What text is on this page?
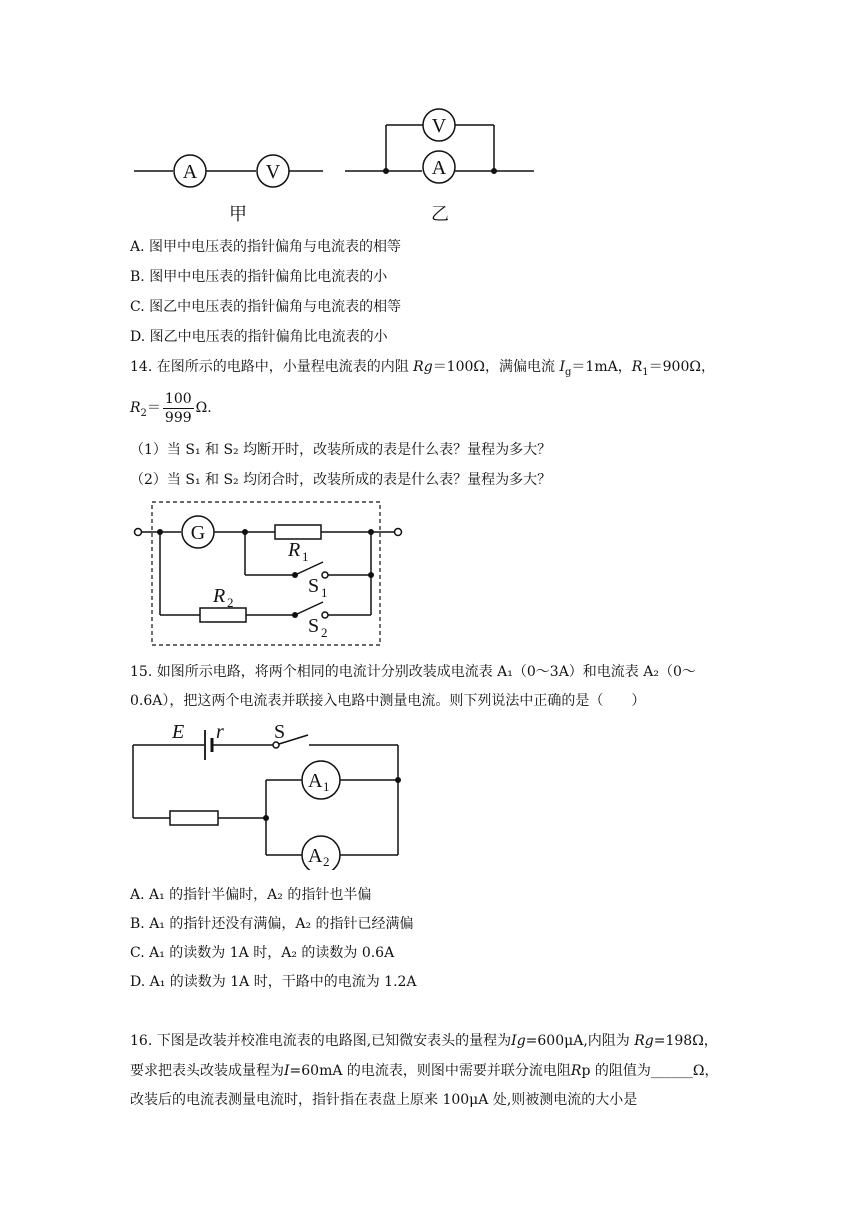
A	V	A
V
甲	乙
A. 图甲中电压表的指针偏角与电流表的相等
B. 图甲中电压表的指针偏角比电流表的小
C. 图乙中电压表的指针偏角与电流表的相等
D. 图乙中电压表的指针偏角比电流表的小
14. 在图所示的电路中，小量程电流表的内阻 Rg＝100Ω，满偏电流 $I_g=1mA$，$R_1=900\Omega$，
$R_2= \frac{100}{999} \Omega$.
（1）当 S₁ 和 S₂ 均断开时，改装所成的表是什么表？量程为多大？
（2）当 S₁ 和 S₂ 均闭合时，改装所成的表是什么表？量程为多大？
G
R 1
R 2
S 1
S 2
15. 如图所示电路，将两个相同的电流计分别改装成电流表 A₁（0～3A）和电流表 A₂（0～
0.6A），把这两个电流表并联接入电路中测量电流。则下列说法中正确的是（　　）
E r	S
A 1
A 2
A. A₁ 的指针半偏时，A₂ 的指针也半偏
B. A₁ 的指针还没有满偏，A₂ 的指针已经满偏
C. A₁ 的读数为 1A 时，A₂ 的读数为 0.6A
D. A₁ 的读数为 1A 时，干路中的电流为 1.2A
16. 下图是改装并校准电流表的电路图,已知微安表头的量程为Ig=600μA,内阻为 Rg=198Ω，
要求把表头改装成量程为I=60mA 的电流表，则图中需要并联分流电阻Rp 的阻值为______Ω，
改装后的电流表测量电流时，指针指在表盘上原来 100μA 处,则被测电流的大小是
